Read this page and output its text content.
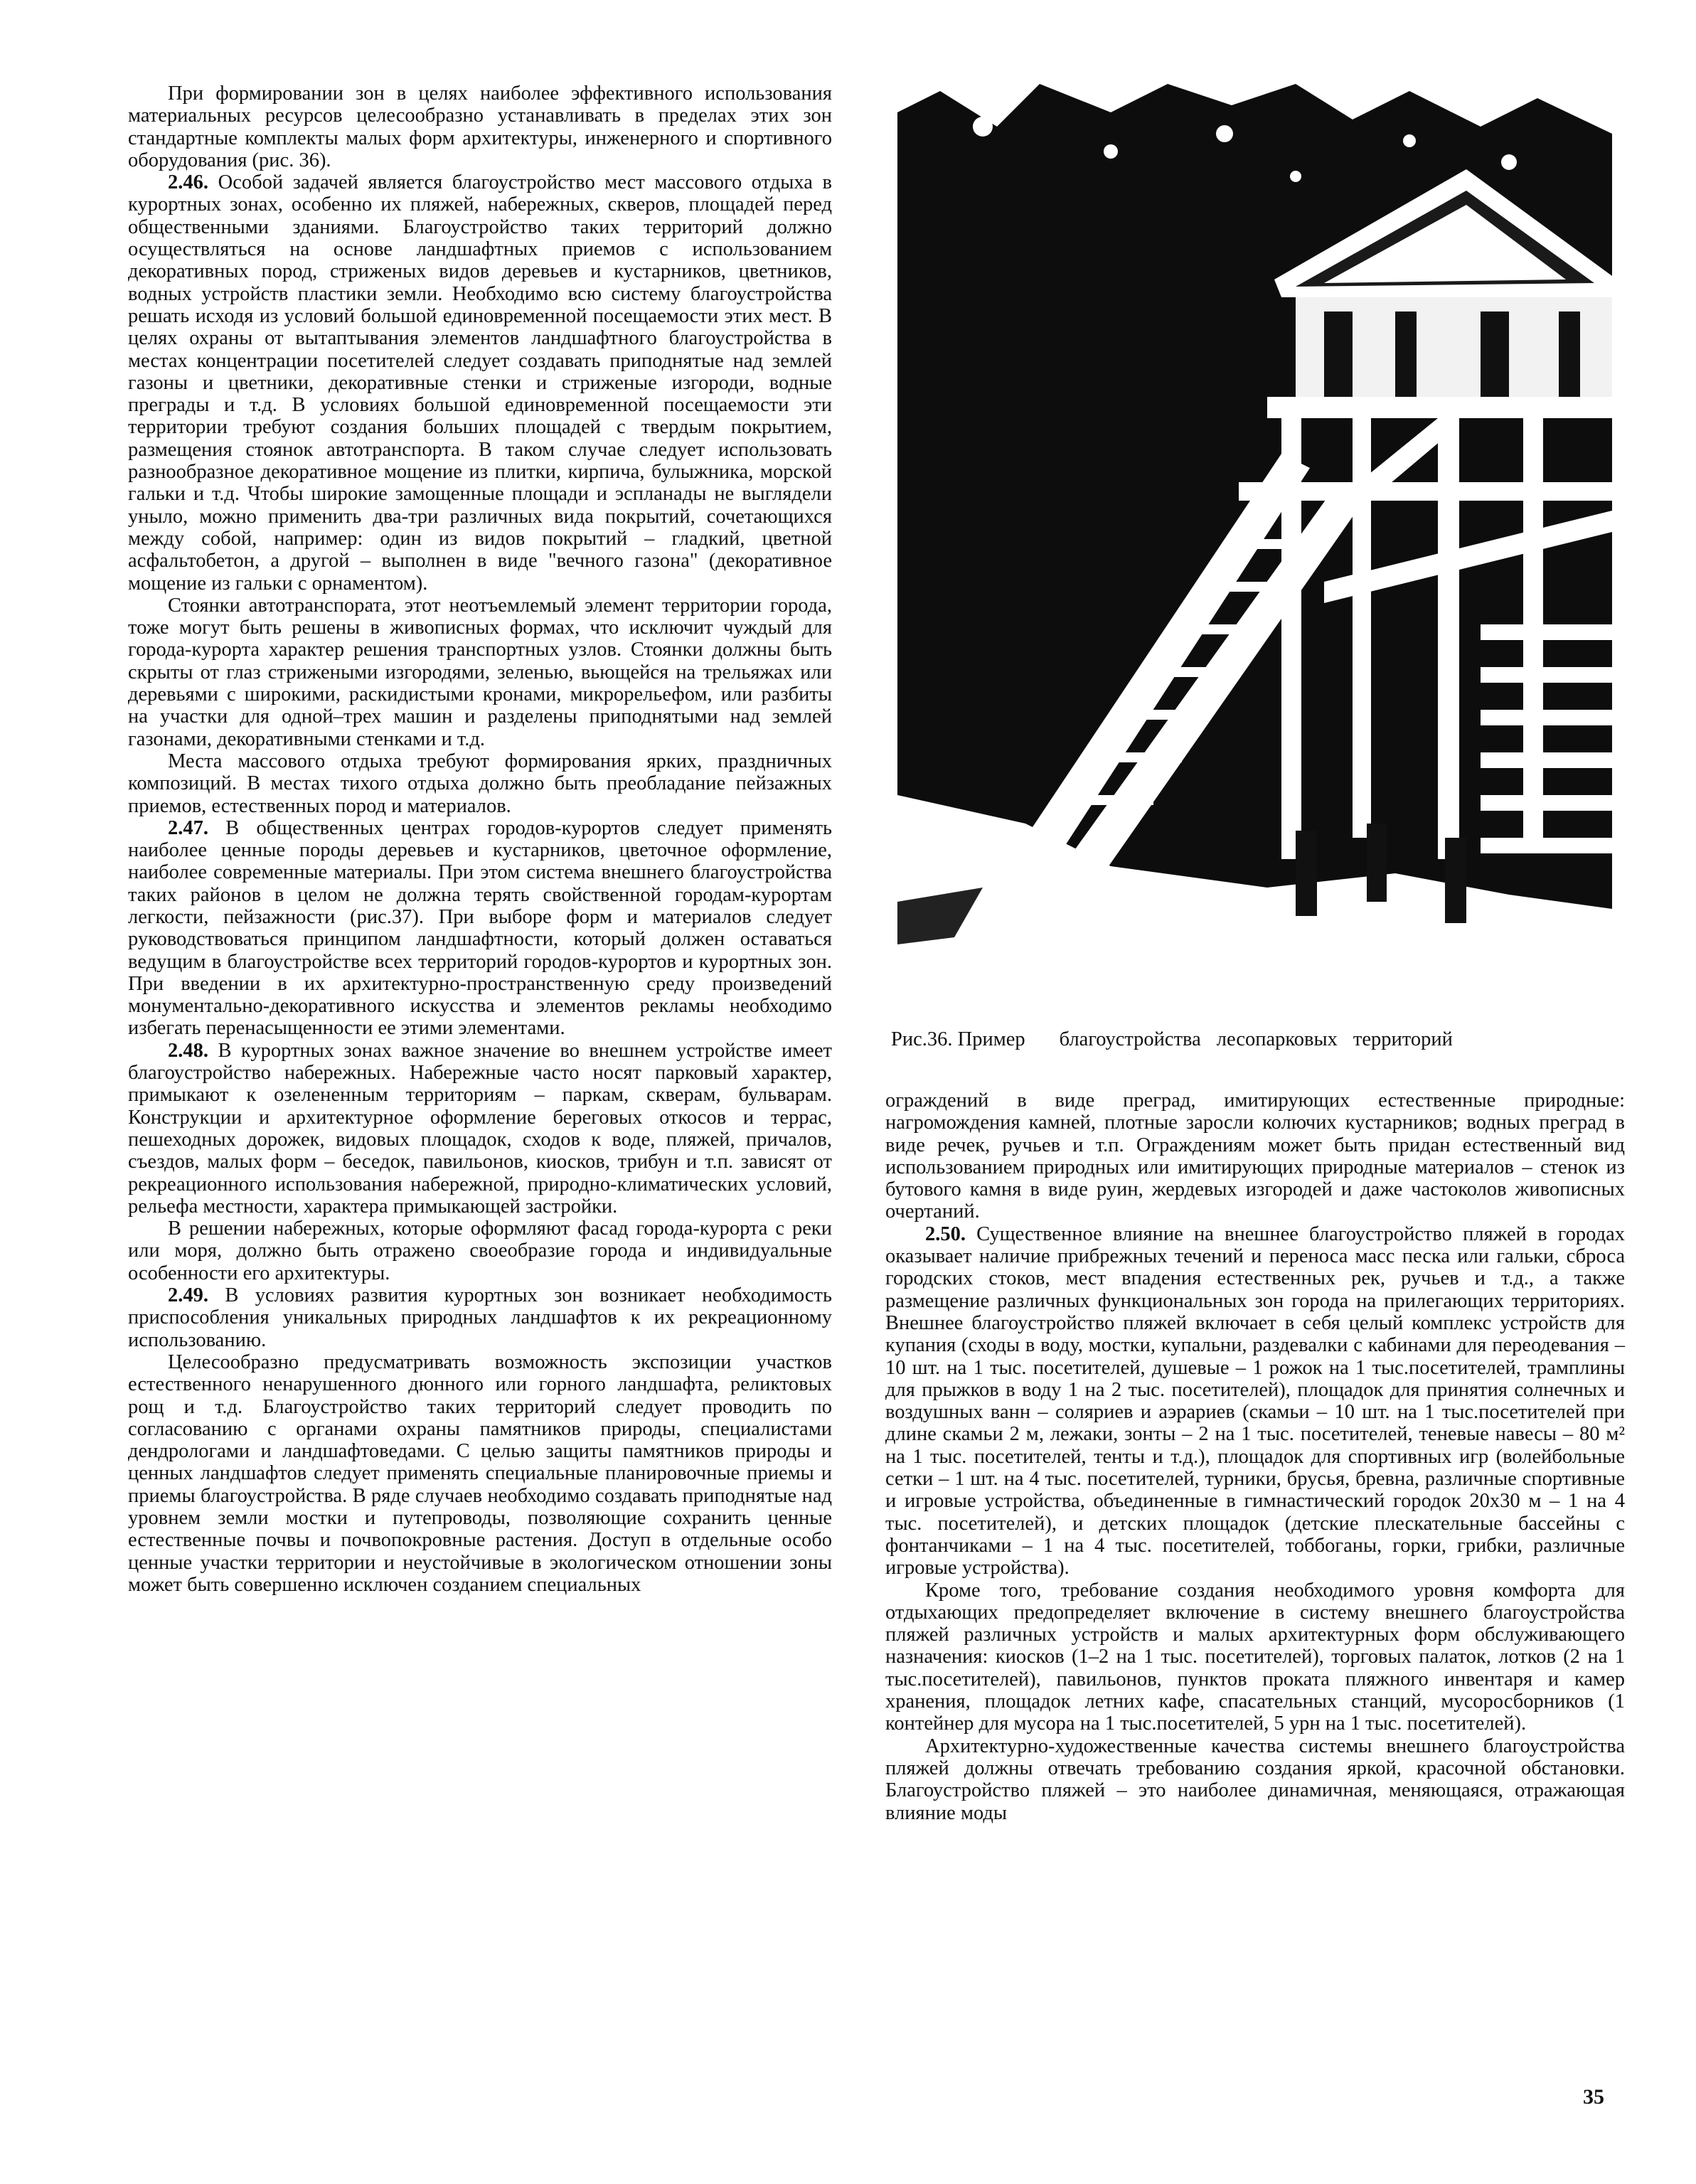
При формировании зон в целях наиболее эффективного использования материальных ресурсов целесообразно устанавливать в пределах этих зон стандартные комплекты малых форм архитектуры, инженерного и спортивного оборудования (рис. 36).

2.46. Особой задачей является благоустройство мест массового отдыха в курортных зонах, особенно их пляжей, набережных, скверов, площадей перед общественными зданиями. Благоустройство таких территорий должно осуществляться на основе ландшафтных приемов с использованием декоративных пород, стриженых видов деревьев и кустарников, цветников, водных устройств пластики земли. Необходимо всю систему благоустройства решать исходя из условий большой единовременной посещаемости этих мест. В целях охраны от вытаптывания элементов ландшафтного благоустройства в местах концентрации посетителей следует создавать приподнятые над землей газоны и цветники, декоративные стенки и стриженые изгороди, водные преграды и т.д. В условиях большой единовременной посещаемости эти территории требуют создания больших площадей с твердым покрытием, размещения стоянок автотранспорта. В таком случае следует использовать разнообразное декоративное мощение из плитки, кирпича, булыжника, морской гальки и т.д. Чтобы широкие замощенные площади и эспланады не выглядели уныло, можно применить два-три различных вида покрытий, сочетающихся между собой, например: один из видов покрытий – гладкий, цветной асфальтобетон, а другой – выполнен в виде "вечного газона" (декоративное мощение из гальки с орнаментом).

Стоянки автотранспората, этот неотъемлемый элемент территории города, тоже могут быть решены в живописных формах, что исключит чуждый для города-курорта характер решения транспортных узлов. Стоянки должны быть скрыты от глаз стрижеными изгородями, зеленью, вьющейся на трельяжах или деревьями с широкими, раскидистыми кронами, микрорельефом, или разбиты на участки для одной–трех машин и разделены приподнятыми над землей газонами, декоративными стенками и т.д.

Места массового отдыха требуют формирования ярких, праздничных композиций. В местах тихого отдыха должно быть преобладание пейзажных приемов, естественных пород и материалов.

2.47. В общественных центрах городов-курортов следует применять наиболее ценные породы деревьев и кустарников, цветочное оформление, наиболее современные материалы. При этом система внешнего благоустройства таких районов в целом не должна терять свойственной городам-курортам легкости, пейзажности (рис.37). При выборе форм и материалов следует руководствоваться принципом ландшафтности, который должен оставаться ведущим в благоустройстве всех территорий городов-курортов и курортных зон. При введении в их архитектурно-пространственную среду произведений монументально-декоративного искусства и элементов рекламы необходимо избегать перенасыщенности ее этими элементами.

2.48. В курортных зонах важное значение во внешнем устройстве имеет благоустройство набережных. Набережные часто носят парковый характер, примыкают к озелененным территориям – паркам, скверам, бульварам. Конструкции и архитектурное оформление береговых откосов и террас, пешеходных дорожек, видовых площадок, сходов к воде, пляжей, причалов, съездов, малых форм – беседок, павильонов, киосков, трибун и т.п. зависят от рекреационного использования набережной, природно-климатических условий, рельефа местности, характера примыкающей застройки.

В решении набережных, которые оформляют фасад города-курорта с реки или моря, должно быть отражено своеобразие города и индивидуальные особенности его архитектуры.

2.49. В условиях развития курортных зон возникает необходимость приспособления уникальных природных ландшафтов к их рекреационному использованию.

Целесообразно предусматривать возможность экспозиции участков естественного ненарушенного дюнного или горного ландшафта, реликтовых рощ и т.д. Благоустройство таких территорий следует проводить по согласованию с органами охраны памятников природы, специалистами дендрологами и ландшафтоведами. С целью защиты памятников природы и ценных ландшафтов следует применять специальные планировочные приемы и приемы благоустройства. В ряде случаев необходимо создавать приподнятые над уровнем земли мостки и путепроводы, позволяющие сохранить ценные естественные почвы и почвопокровные растения. Доступ в отдельные особо ценные участки территории и неустойчивые в экологическом отношении зоны может быть совершенно исключен созданием специальных

Рис.36. Пример благоустройства лесопарковых территорий

ограждений в виде преград, имитирующих естественные природные: нагромождения камней, плотные заросли колючих кустарников; водных преград в виде речек, ручьев и т.п. Ограждениям может быть придан естественный вид использованием природных или имитирующих природные материалов – стенок из бутового камня в виде руин, жердевых изгородей и даже частоколов живописных очертаний.

2.50. Существенное влияние на внешнее благоустройство пляжей в городах оказывает наличие прибрежных течений и переноса масс песка или гальки, сброса городских стоков, мест впадения естественных рек, ручьев и т.д., а также размещение различных функциональных зон города на прилегающих территориях. Внешнее благоустройство пляжей включает в себя целый комплекс устройств для купания (сходы в воду, мостки, купальни, раздевалки с кабинами для переодевания – 10 шт. на 1 тыс. посетителей, душевые – 1 рожок на 1 тыс.посетителей, трамплины для прыжков в воду 1 на 2 тыс. посетителей), площадок для принятия солнечных и воздушных ванн – соляриев и аэрариев (скамьи – 10 шт. на 1 тыс.посетителей при длине скамьи 2 м, лежаки, зонты – 2 на 1 тыс. посетителей, теневые навесы – 80 м² на 1 тыс. посетителей, тенты и т.д.), площадок для спортивных игр (волейбольные сетки – 1 шт. на 4 тыс. посетителей, турники, брусья, бревна, различные спортивные и игровые устройства, объединенные в гимнастический городок 20х30 м – 1 на 4 тыс. посетителей), и детских площадок (детские плескательные бассейны с фонтанчиками – 1 на 4 тыс. посетителей, тоббоганы, горки, грибки, различные игровые устройства).

Кроме того, требование создания необходимого уровня комфорта для отдыхающих предопределяет включение в систему внешнего благоустройства пляжей различных устройств и малых архитектурных форм обслуживающего назначения: киосков (1–2 на 1 тыс. посетителей), торговых палаток, лотков (2 на 1 тыс.посетителей), павильонов, пунктов проката пляжного инвентаря и камер хранения, площадок летних кафе, спасательных станций, мусоросборников (1 контейнер для мусора на 1 тыс.посетителей, 5 урн на 1 тыс. посетителей).

Архитектурно-художественные качества системы внешнего благоустройства пляжей должны отвечать требованию создания яркой, красочной обстановки. Благоустройство пляжей – это наиболее динамичная, меняющаяся, отражающая влияние моды

35
